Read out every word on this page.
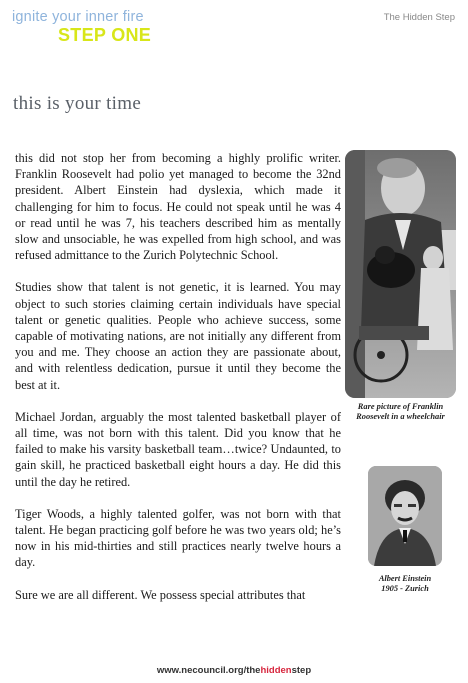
ignite your inner fire
STEP ONE
The Hidden Step
this is your time

this did not stop her from becoming a highly prolific writer. Franklin Roosevelt had polio yet managed to become the 32nd president. Albert Einstein had dyslexia, which made it challenging for him to focus. He could not speak until he was 4 or read until he was 7, his teachers described him as mentally slow and unsociable, he was expelled from high school, and was refused admittance to the Zurich Polytechnic School.

Studies show that talent is not genetic, it is learned. You may object to such stories claiming certain individuals have special talent or genetic qualities. People who achieve success, some capable of motivating nations, are not initially any different from you and me. They choose an action they are passionate about, and with relentless dedication, pursue it until they become the best at it.

Michael Jordan, arguably the most talented basketball player of all time, was not born with this talent. Did you know that he failed to make his varsity basketball team…twice? Undaunted, to gain skill, he practiced basketball eight hours a day. He did this until the day he retired.

Tiger Woods, a highly talented golfer, was not born with that talent. He began practicing golf before he was two years old; he’s now in his mid-thirties and still practices nearly twelve hours a day.

Sure we are all different. We possess special attributes that

Rare picture of Franklin Roosevelt in a wheelchair
Albert Einstein
1905 - Zurich
www.necouncil.org/thehiddenstep
